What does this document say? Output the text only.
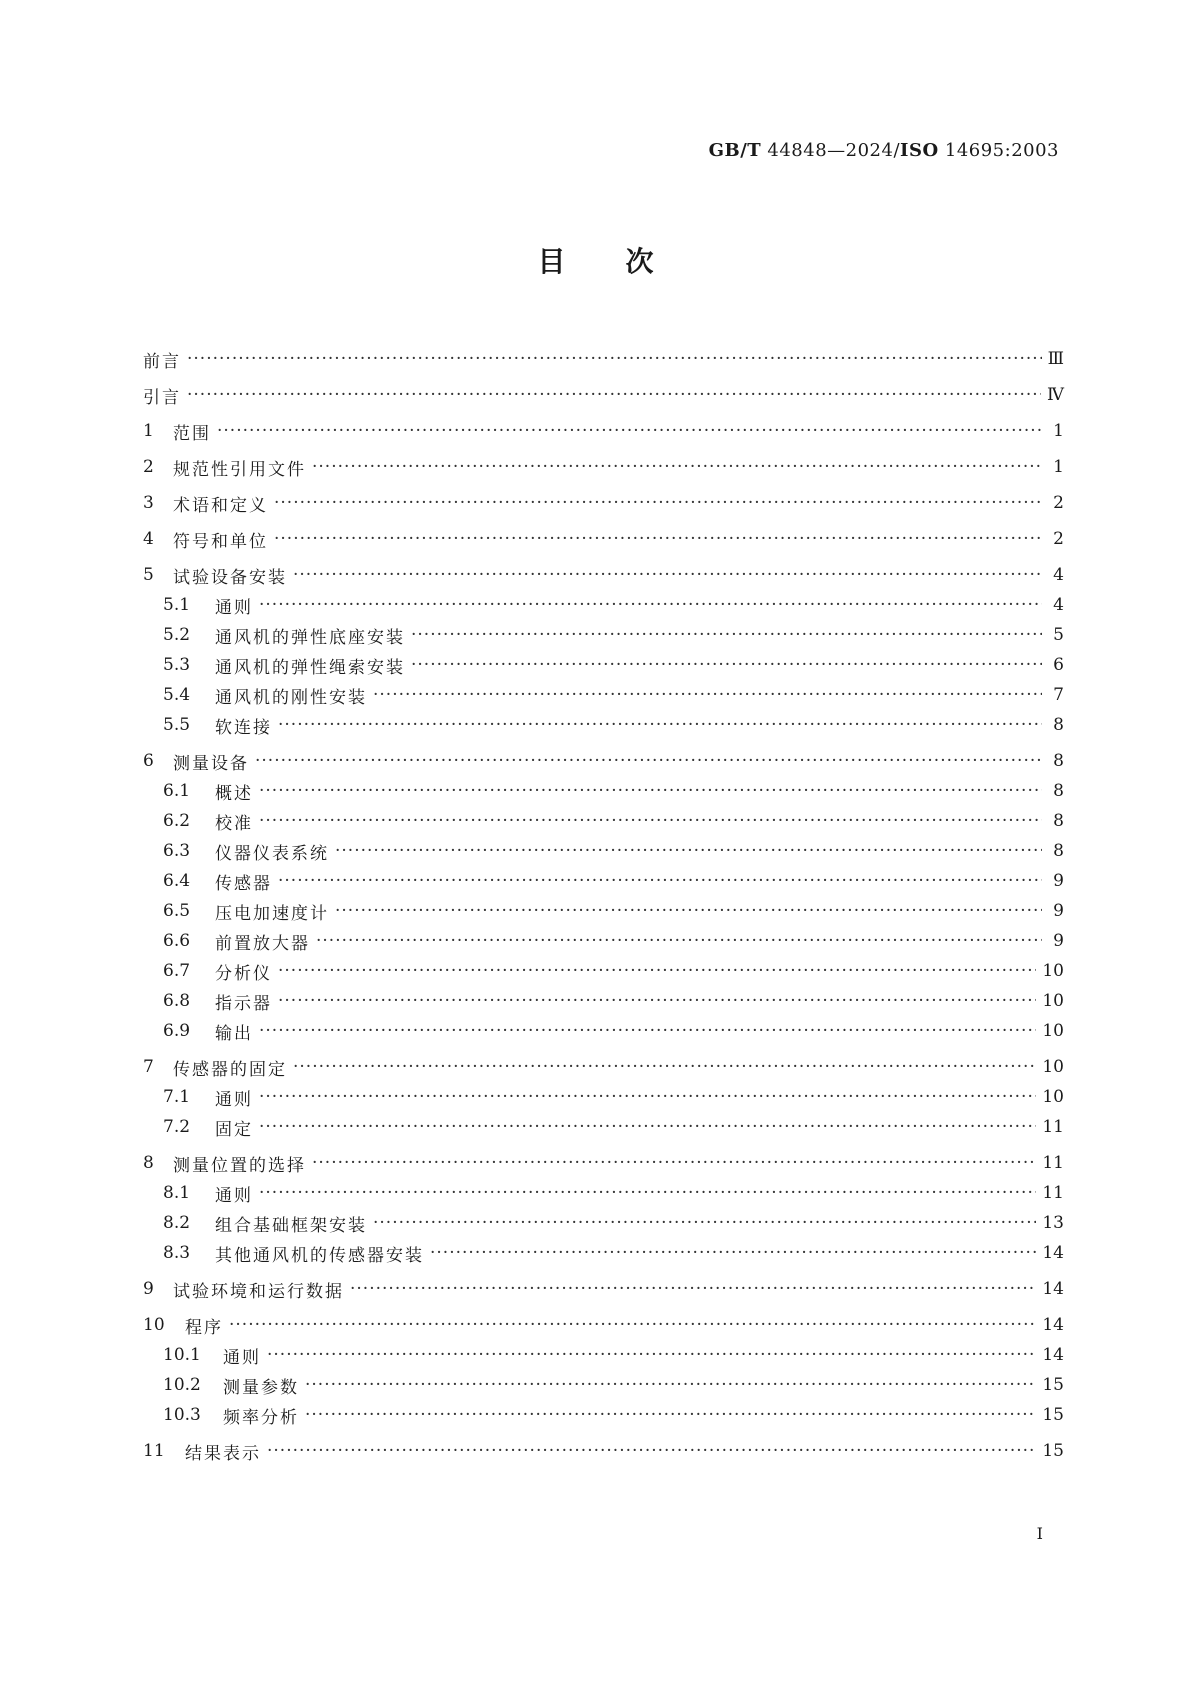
GB/T 44848—2024/ISO 14695:2003
目次
前言 ·····	Ⅲ
引言 ·····	Ⅳ
1	范围 ·····	1
2	规范性引用文件 ·····	1
3	术语和定义 ·····	2
4	符号和单位 ·····	2
5	试验设备安装 ·····	4
5.1	通则 ·····	4
5.2	通风机的弹性底座安装 ·····	5
5.3	通风机的弹性绳索安装 ·····	6
5.4	通风机的刚性安装 ·····	7
5.5	软连接 ·····	8
6	测量设备 ·····	8
6.1	概述 ·····	8
6.2	校准 ·····	8
6.3	仪器仪表系统 ·····	8
6.4	传感器 ·····	9
6.5	压电加速度计 ·····	9
6.6	前置放大器 ·····	9
6.7	分析仪 ·····	10
6.8	指示器 ·····	10
6.9	输出 ·····	10
7	传感器的固定 ·····	10
7.1	通则 ·····	10
7.2	固定 ·····	11
8	测量位置的选择 ·····	11
8.1	通则 ·····	11
8.2	组合基础框架安装 ·····	13
8.3	其他通风机的传感器安装 ·····	14
9	试验环境和运行数据 ·····	14
10	程序 ·····	14
10.1	通则 ·····	14
10.2	测量参数 ·····	15
10.3	频率分析 ·····	15
11	结果表示 ·····	15
Ⅰ
